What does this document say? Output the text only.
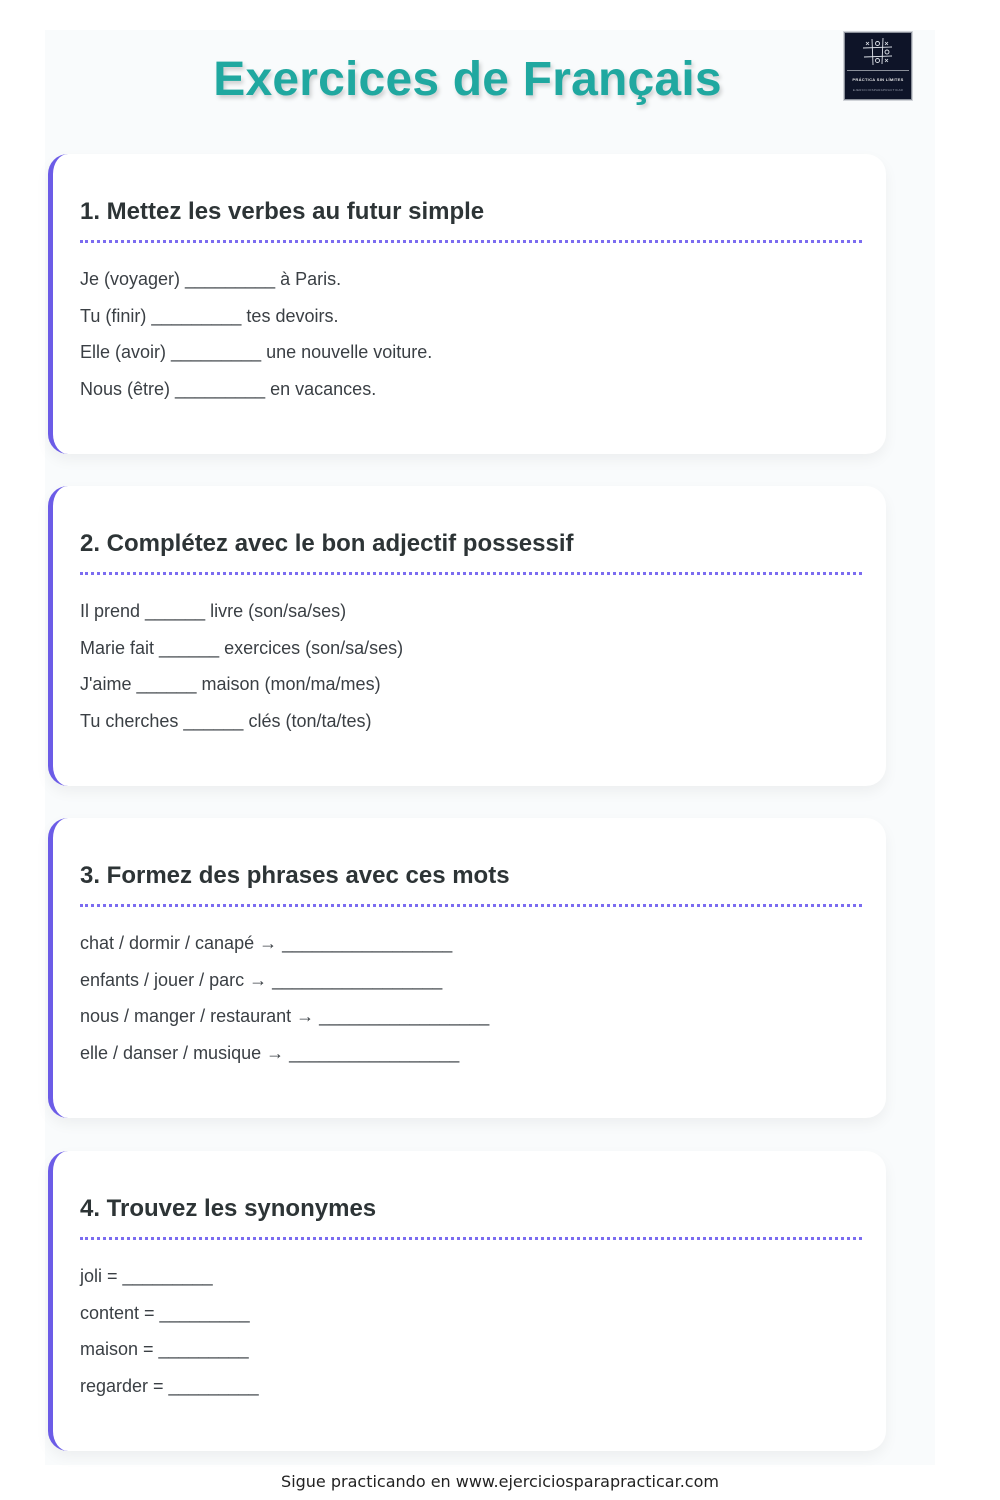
Exercices de Français	PRÁCTICA SIN LÍMITES
EJERCICIOSPARAPRACTICAR
1. Mettez les verbes au futur simple
Je (voyager) _________ à Paris.
Tu (finir) _________ tes devoirs.
Elle (avoir) _________ une nouvelle voiture.
Nous (être) _________ en vacances.
2. Complétez avec le bon adjectif possessif
Il prend ______ livre (son/sa/ses)
Marie fait ______ exercices (son/sa/ses)
J'aime ______ maison (mon/ma/mes)
Tu cherches ______ clés (ton/ta/tes)
3. Formez des phrases avec ces mots
chat / dormir / canapé → _________________
enfants / jouer / parc → _________________
nous / manger / restaurant → _________________
elle / danser / musique → _________________
4. Trouvez les synonymes
joli = _________
content = _________
maison = _________
regarder = _________
Sigue practicando en www.ejerciciosparapracticar.com
